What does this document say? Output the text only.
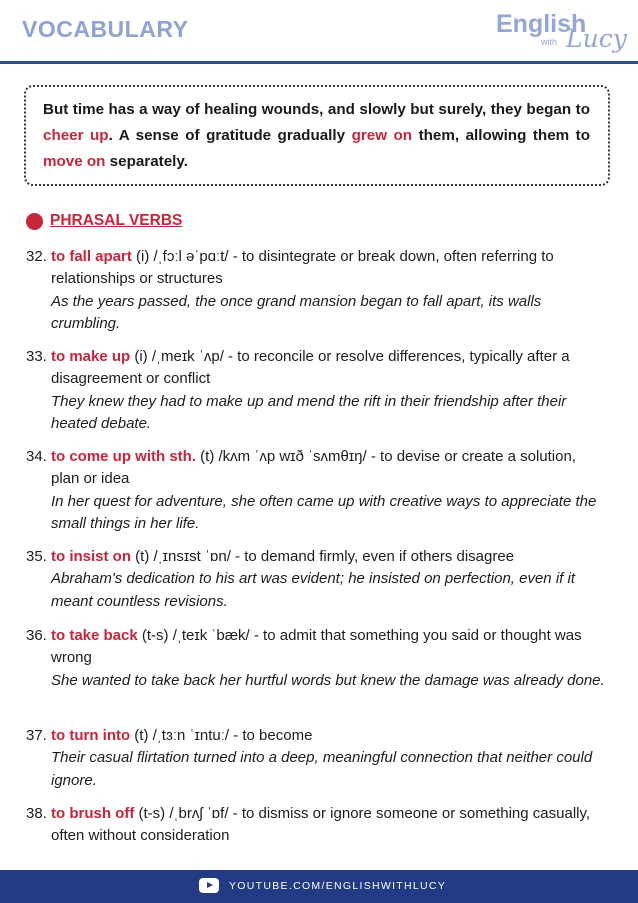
VOCABULARY	English
with Lucy
But time has a way of healing wounds, and slowly but surely, they began to cheer up. A sense of gratitude gradually grew on them, allowing them to move on separately.
PHRASAL VERBS
32. to fall apart (i) /ˌfɔːl əˈpɑːt/ - to disintegrate or break down, often referring to relationships or structures
As the years passed, the once grand mansion began to fall apart, its walls crumbling.
33. to make up (i) /ˌmeɪk ˈʌp/ - to reconcile or resolve differences, typically after a disagreement or conflict
They knew they had to make up and mend the rift in their friendship after their heated debate.
34. to come up with sth. (t) /kʌm ˈʌp wɪð ˈsʌmθɪŋ/ - to devise or create a solution, plan or idea
In her quest for adventure, she often came up with creative ways to appreciate the small things in her life.
35. to insist on (t) /ˌɪnsɪst ˈɒn/ - to demand firmly, even if others disagree
Abraham's dedication to his art was evident; he insisted on perfection, even if it meant countless revisions.
36. to take back (t-s) /ˌteɪk ˈbæk/ - to admit that something you said or thought was wrong
She wanted to take back her hurtful words but knew the damage was already done.
37. to turn into (t) /ˌtɜːn ˈɪntuː/ - to become
Their casual flirtation turned into a deep, meaningful connection that neither could ignore.
38. to brush off (t-s) /ˌbrʌʃ ˈɒf/ - to dismiss or ignore someone or something casually, often without consideration
YOUTUBE.COM/ENGLISHWITHLUCY
